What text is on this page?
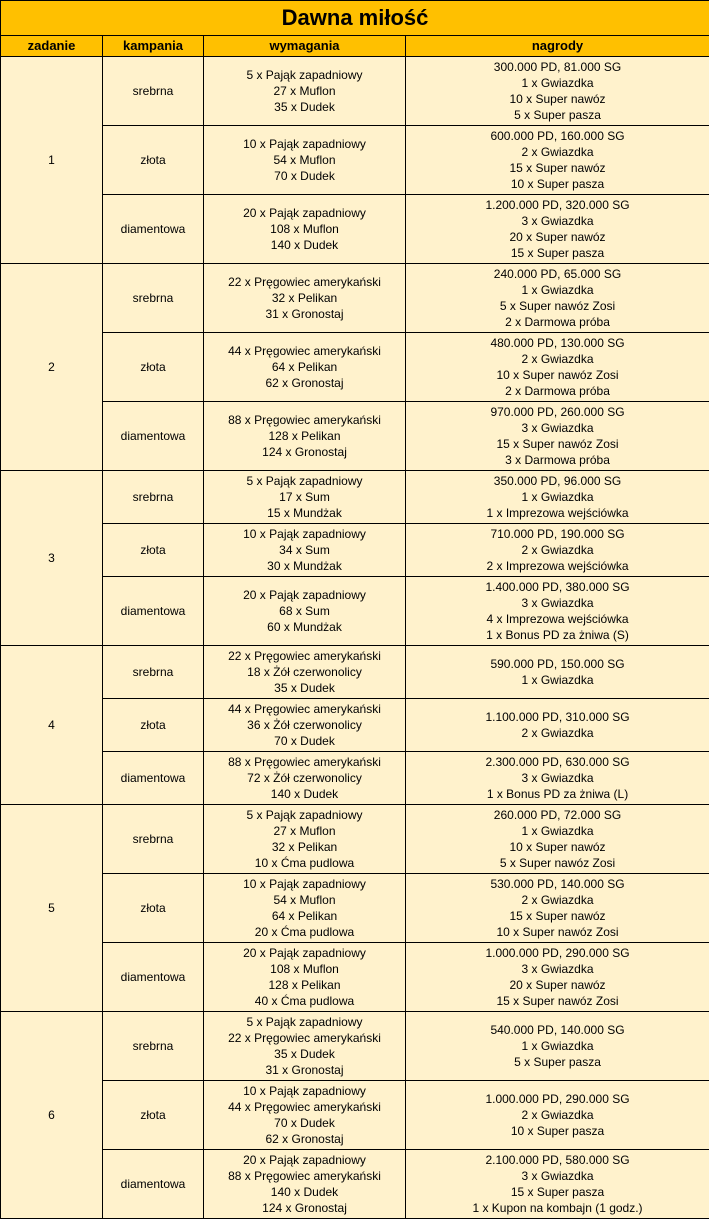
Dawna miłość			
zadanie	kampania	wymagania	nagrody
1	srebrna	5 x Pająk zapadniowy
27 x Muflon
35 x Dudek	300.000 PD, 81.000 SG
1 x Gwiazdka
10 x Super nawóz
5 x Super pasza

	złota	10 x Pająk zapadniowy
54 x Muflon
70 x Dudek	600.000 PD, 160.000 SG
2 x Gwiazdka
15 x Super nawóz
10 x Super pasza

	diamentowa	20 x Pająk zapadniowy
108 x Muflon
140 x Dudek	1.200.000 PD, 320.000 SG
3 x Gwiazdka
20 x Super nawóz
15 x Super pasza

2	srebrna	22 x Pręgowiec amerykański
32 x Pelikan
31 x Gronostaj	240.000 PD, 65.000 SG
1 x Gwiazdka
5 x Super nawóz Zosi
2 x Darmowa próba

	złota	44 x Pręgowiec amerykański
64 x Pelikan
62 x Gronostaj	480.000 PD, 130.000 SG
2 x Gwiazdka
10 x Super nawóz Zosi
2 x Darmowa próba

	diamentowa	88 x Pręgowiec amerykański
128 x Pelikan
124 x Gronostaj	970.000 PD, 260.000 SG
3 x Gwiazdka
15 x Super nawóz Zosi
3 x Darmowa próba

3	srebrna	5 x Pająk zapadniowy
17 x Sum
15 x Mundżak	350.000 PD, 96.000 SG
1 x Gwiazdka
1 x Imprezowa wejściówka

	złota	10 x Pająk zapadniowy
34 x Sum
30 x Mundżak	710.000 PD, 190.000 SG
2 x Gwiazdka
2 x Imprezowa wejściówka

	diamentowa	20 x Pająk zapadniowy
68 x Sum
60 x Mundżak	1.400.000 PD, 380.000 SG
3 x Gwiazdka
4 x Imprezowa wejściówka
1 x Bonus PD za żniwa (S)

4	srebrna	22 x Pręgowiec amerykański
18 x Żół czerwonolicy
35 x Dudek	590.000 PD, 150.000 SG
1 x Gwiazdka

	złota	44 x Pręgowiec amerykański
36 x Żół czerwonolicy
70 x Dudek	1.100.000 PD, 310.000 SG
2 x Gwiazdka

	diamentowa	88 x Pręgowiec amerykański
72 x Żół czerwonolicy
140 x Dudek	2.300.000 PD, 630.000 SG
3 x Gwiazdka
1 x Bonus PD za żniwa (L)

5	srebrna	5 x Pająk zapadniowy
27 x Muflon
32 x Pelikan
10 x Ćma pudlowa	260.000 PD, 72.000 SG
1 x Gwiazdka
10 x Super nawóz
5 x Super nawóz Zosi

	złota	10 x Pająk zapadniowy
54 x Muflon
64 x Pelikan
20 x Ćma pudlowa	530.000 PD, 140.000 SG
2 x Gwiazdka
15 x Super nawóz
10 x Super nawóz Zosi

	diamentowa	20 x Pająk zapadniowy
108 x Muflon
128 x Pelikan
40 x Ćma pudlowa	1.000.000 PD, 290.000 SG
3 x Gwiazdka
20 x Super nawóz
15 x Super nawóz Zosi

6	srebrna	5 x Pająk zapadniowy
22 x Pręgowiec amerykański
35 x Dudek
31 x Gronostaj	540.000 PD, 140.000 SG
1 x Gwiazdka
5 x Super pasza

	złota	10 x Pająk zapadniowy
44 x Pręgowiec amerykański
70 x Dudek
62 x Gronostaj	1.000.000 PD, 290.000 SG
2 x Gwiazdka
10 x Super pasza

	diamentowa	20 x Pająk zapadniowy
88 x Pręgowiec amerykański
140 x Dudek
124 x Gronostaj	2.100.000 PD, 580.000 SG
3 x Gwiazdka
15 x Super pasza
1 x Kupon na kombajn (1 godz.)
